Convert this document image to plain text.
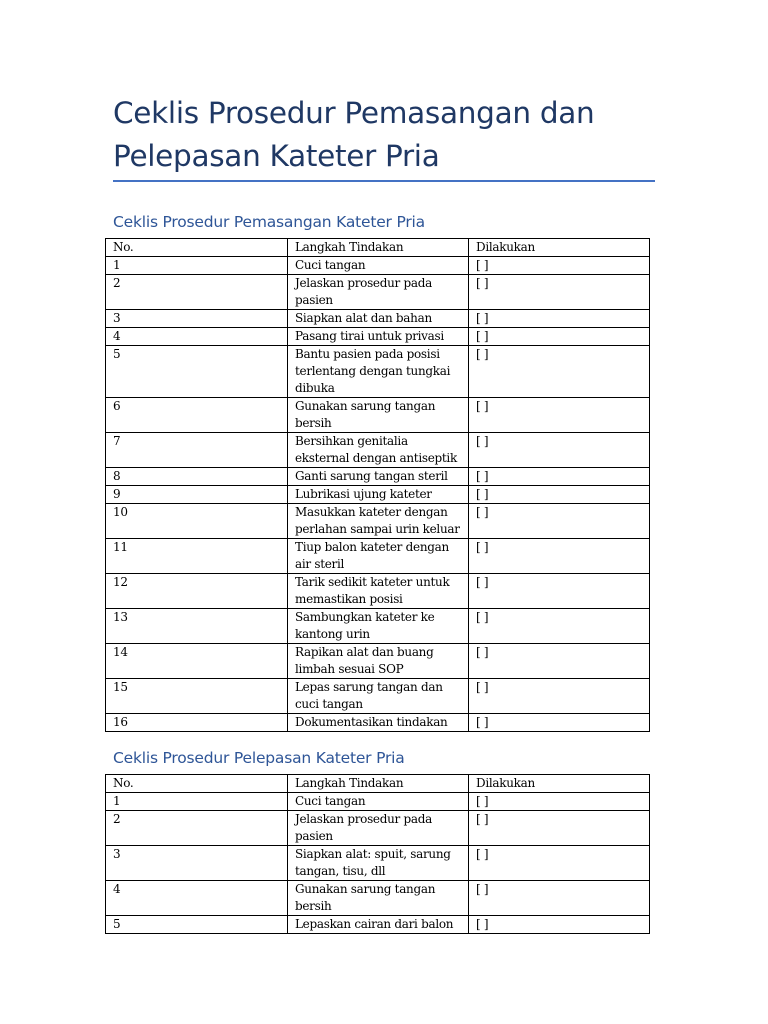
Ceklis Prosedur Pemasangan dan Pelepasan Kateter Pria
Ceklis Prosedur Pemasangan Kateter Pria
No.	Langkah Tindakan	Dilakukan
1	Cuci tangan	[ ]
2	Jelaskan prosedur pada pasien	[ ]
3	Siapkan alat dan bahan	[ ]
4	Pasang tirai untuk privasi	[ ]
5	Bantu pasien pada posisi terlentang dengan tungkai dibuka	[ ]
6	Gunakan sarung tangan bersih	[ ]
7	Bersihkan genitalia eksternal dengan antiseptik	[ ]
8	Ganti sarung tangan steril	[ ]
9	Lubrikasi ujung kateter	[ ]
10	Masukkan kateter dengan perlahan sampai urin keluar	[ ]
11	Tiup balon kateter dengan air steril	[ ]
12	Tarik sedikit kateter untuk memastikan posisi	[ ]
13	Sambungkan kateter ke kantong urin	[ ]
14	Rapikan alat dan buang limbah sesuai SOP	[ ]
15	Lepas sarung tangan dan cuci tangan	[ ]
16	Dokumentasikan tindakan	[ ]
Ceklis Prosedur Pelepasan Kateter Pria
No.	Langkah Tindakan	Dilakukan
1	Cuci tangan	[ ]
2	Jelaskan prosedur pada pasien	[ ]
3	Siapkan alat: spuit, sarung tangan, tisu, dll	[ ]
4	Gunakan sarung tangan bersih	[ ]
5	Lepaskan cairan dari balon	[ ]
